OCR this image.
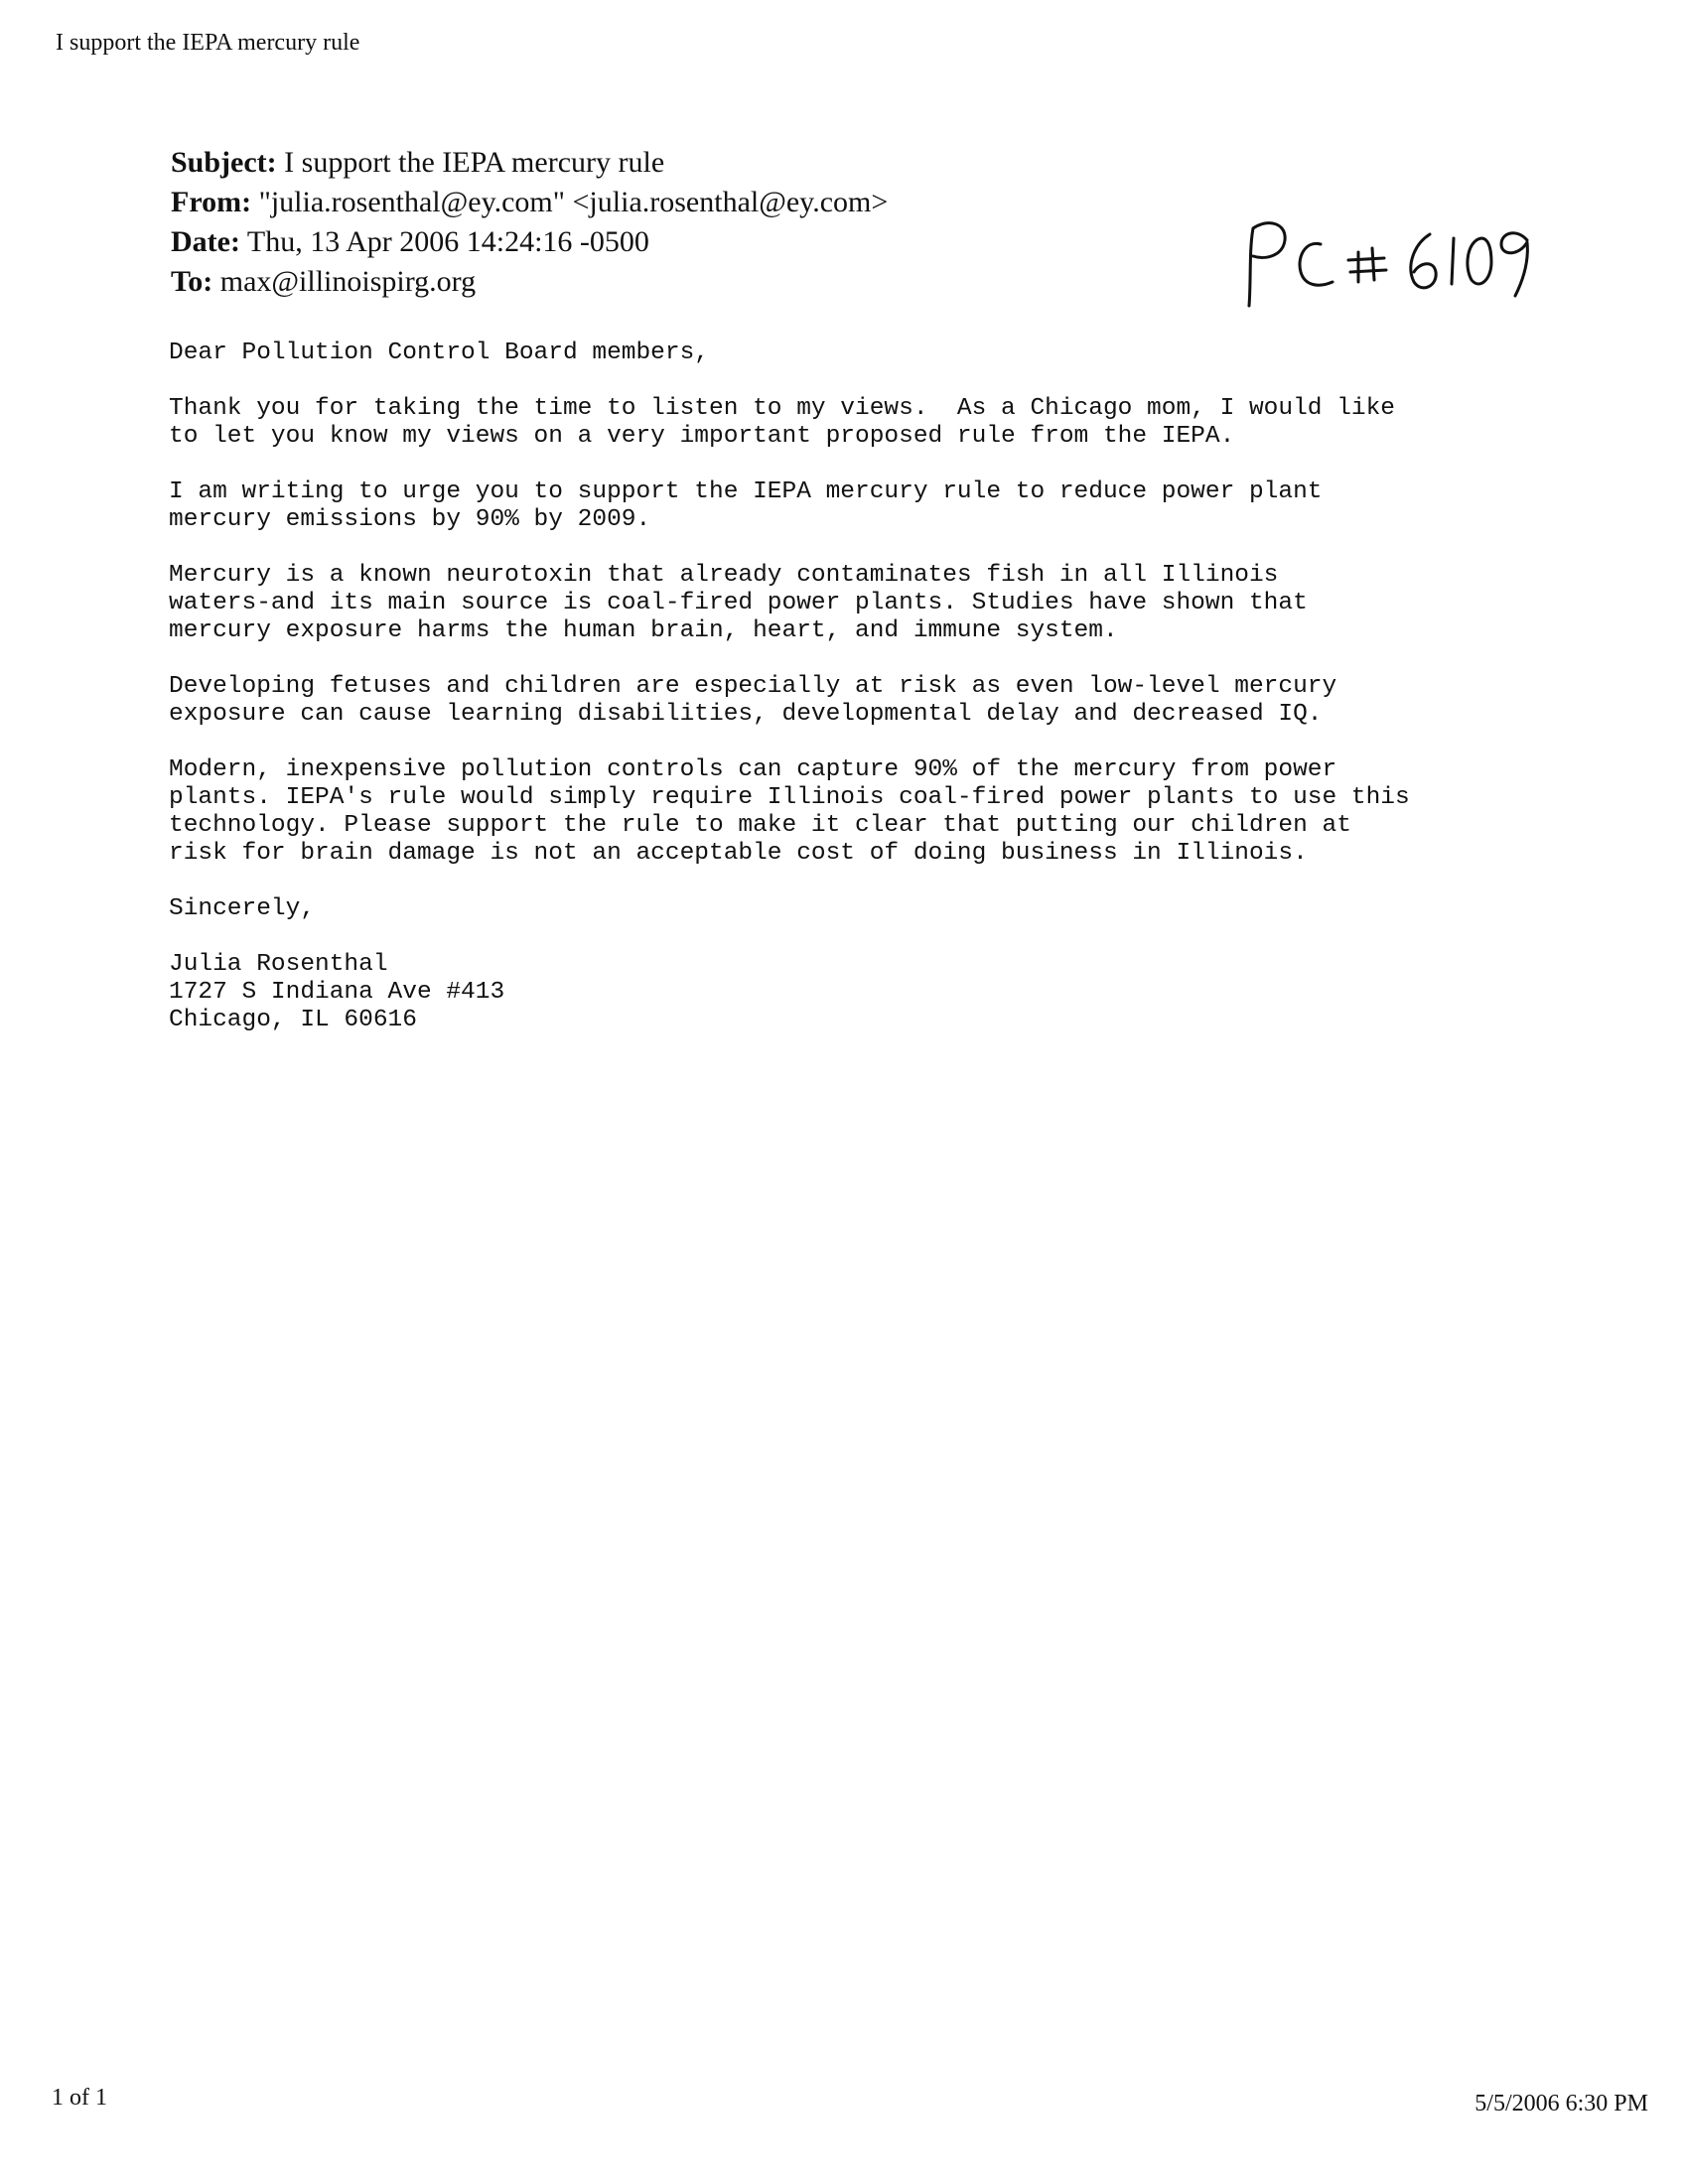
I support the IEPA mercury rule
Subject: I support the IEPA mercury rule
From: "julia.rosenthal@ey.com" <julia.rosenthal@ey.com>
Date: Thu, 13 Apr 2006 14:24:16 -0500
To: max@illinoispirg.org
Dear Pollution Control Board members,
Thank you for taking the time to listen to my views.  As a Chicago mom, I would like
to let you know my views on a very important proposed rule from the IEPA.
I am writing to urge you to support the IEPA mercury rule to reduce power plant
mercury emissions by 90% by 2009.
Mercury is a known neurotoxin that already contaminates fish in all Illinois
waters-and its main source is coal-fired power plants. Studies have shown that
mercury exposure harms the human brain, heart, and immune system.
Developing fetuses and children are especially at risk as even low-level mercury
exposure can cause learning disabilities, developmental delay and decreased IQ.
Modern, inexpensive pollution controls can capture 90% of the mercury from power
plants. IEPA's rule would simply require Illinois coal-fired power plants to use this
technology. Please support the rule to make it clear that putting our children at
risk for brain damage is not an acceptable cost of doing business in Illinois.
Sincerely,
Julia Rosenthal
1727 S Indiana Ave #413
Chicago, IL 60616
1 of 1	5/5/2006 6:30 PM
